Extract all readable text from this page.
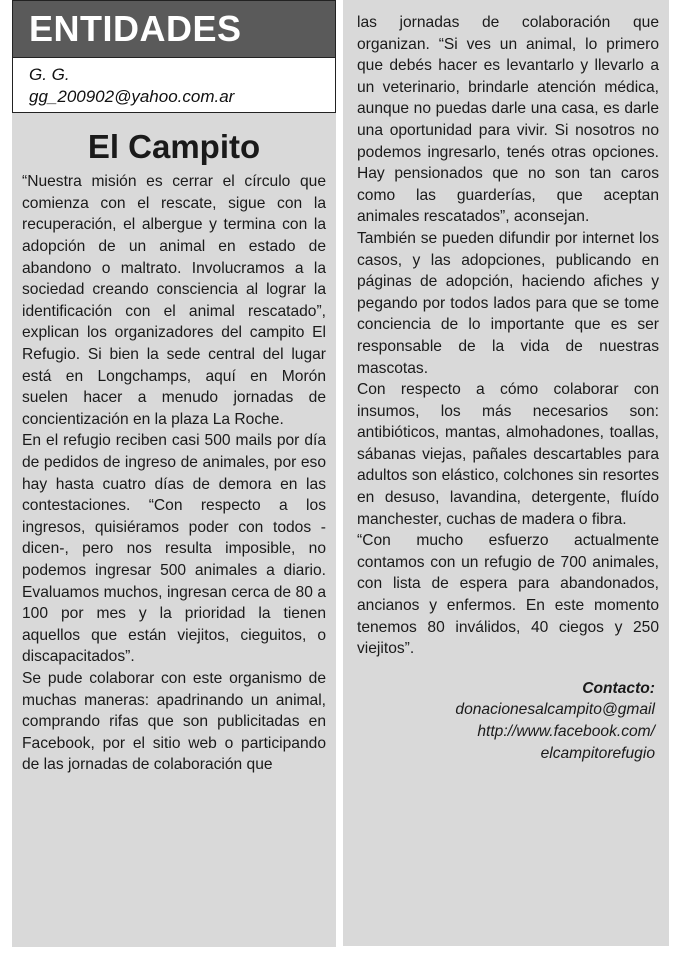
ENTIDADES
G. G.
gg_200902@yahoo.com.ar
El Campito

“Nuestra misión es cerrar el círculo que comienza con el rescate, sigue con la recuperación, el albergue y termina con la adopción de un animal en estado de abandono o maltrato. Involucramos a la sociedad creando consciencia al lograr la identificación con el animal rescatado”, explican los organizadores del campito El Refugio. Si bien la sede central del lugar está en Longchamps, aquí en Morón suelen hacer a menudo jornadas de concientización en la plaza La Roche.

En el refugio reciben casi 500 mails por día de pedidos de ingreso de animales, por eso hay hasta cuatro días de demora en las contestaciones. “Con respecto a los ingresos, quisiéramos poder con todos -dicen-, pero nos resulta imposible, no podemos ingresar 500 animales a diario. Evaluamos muchos, ingresan cerca de 80 a 100 por mes y la prioridad la tienen aquellos que están viejitos, cieguitos, o discapacitados”.

Se pude colaborar con este organismo de muchas maneras: apadrinando un animal, comprando rifas que son publicitadas en Facebook, por el sitio web o participando de las jornadas de colaboración que

las jornadas de colaboración que organizan. “Si ves un animal, lo primero que debés hacer es levantarlo y llevarlo a un veterinario, brindarle atención médica, aunque no puedas darle una casa, es darle una oportunidad para vivir. Si nosotros no podemos ingresarlo, tenés otras opciones. Hay pensionados que no son tan caros como las guarderías, que aceptan animales rescatados”, aconsejan.

También se pueden difundir por internet los casos, y las adopciones, publicando en páginas de adopción, haciendo afiches y pegando por todos lados para que se tome conciencia de lo importante que es ser responsable de la vida de nuestras mascotas.

Con respecto a cómo colaborar con insumos, los más necesarios son: antibióticos, mantas, almohadones, toallas, sábanas viejas, pañales descartables para adultos son elástico, colchones sin resortes en desuso, lavandina, detergente, fluído manchester, cuchas de madera o fibra.

“Con mucho esfuerzo actualmente contamos con un refugio de 700 animales, con lista de espera para abandonados, ancianos y enfermos. En este momento tenemos 80 inválidos, 40 ciegos y 250 viejitos”.

Contacto:
donacionesalcampito@gmail
http://www.facebook.com/
elcampitorefugio
